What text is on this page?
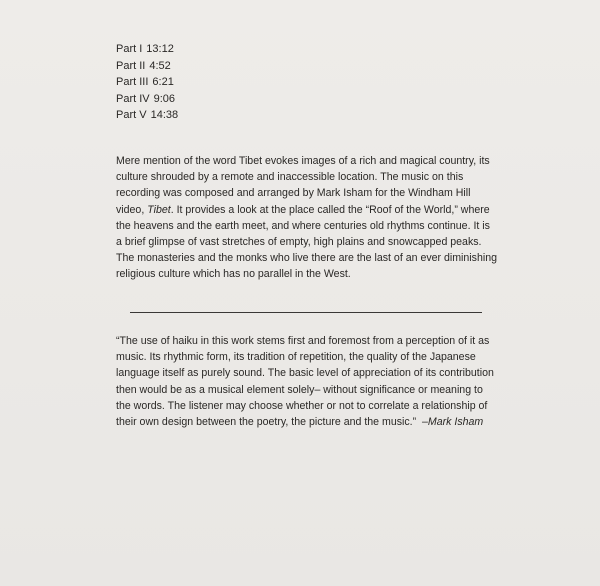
Part I 13:12
Part II 4:52
Part III 6:21
Part IV 9:06
Part V 14:38

Mere mention of the word Tibet evokes images of a rich and magical country, its culture shrouded by a remote and inaccessible location. The music on this recording was composed and arranged by Mark Isham for the Windham Hill video, Tibet. It provides a look at the place called the “Roof of the World,” where the heavens and the earth meet, and where centuries old rhythms continue. It is a brief glimpse of vast stretches of empty, high plains and snowcapped peaks. The monasteries and the monks who live there are the last of an ever diminishing religious culture which has no parallel in the West.

“The use of haiku in this work stems first and foremost from a perception of it as music. Its rhythmic form, its tradition of repetition, the quality of the Japanese language itself as purely sound. The basic level of appreciation of its contribution then would be as a musical element solely– without significance or meaning to the words. The listener may choose whether or not to correlate a relationship of their own design between the poetry, the picture and the music.” –Mark Isham
